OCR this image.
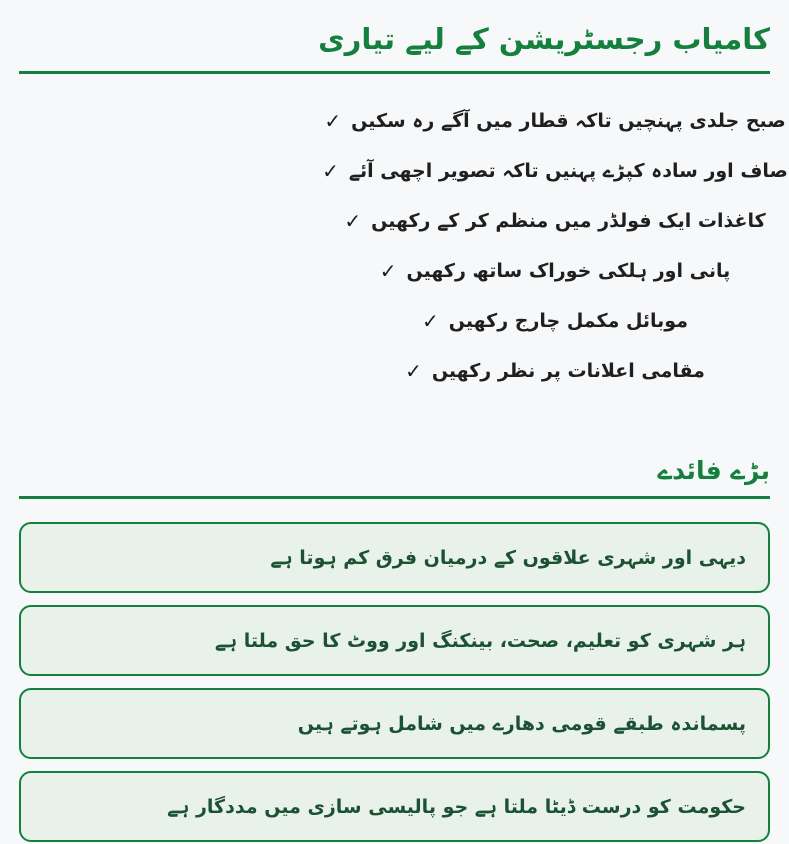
کامیاب رجسٹریشن کے لیے تیاری
✓ صبح جلدی پہنچیں تاکہ قطار میں آگے رہ سکیں
✓ صاف اور سادہ کپڑے پہنیں تاکہ تصویر اچھی آئے
✓ کاغذات ایک فولڈر میں منظم کر کے رکھیں
✓ پانی اور ہلکی خوراک ساتھ رکھیں
✓ موبائل مکمل چارج رکھیں
✓ مقامی اعلانات پر نظر رکھیں
بڑے فائدے
دیہی اور شہری علاقوں کے درمیان فرق کم ہوتا ہے
ہر شہری کو تعلیم، صحت، بینکنگ اور ووٹ کا حق ملتا ہے
پسماندہ طبقے قومی دھارے میں شامل ہوتے ہیں
حکومت کو درست ڈیٹا ملتا ہے جو پالیسی سازی میں مددگار ہے
